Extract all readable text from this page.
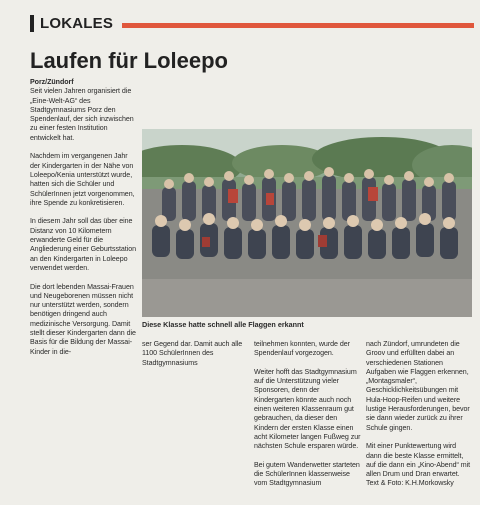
LOKALES
Laufen für Loleepo

Porz/Zündorf
Seit vielen Jahren organisiert die „Eine-Welt-AG“ des Stadtgymnasiums Porz den Spendenlauf, der sich inzwischen zu einer festen Institution entwickelt hat.

Nachdem im vergangenen Jahr der Kindergarten in der Nähe von Loleepo/Kenia unterstützt wurde, hatten sich die Schüler und SchülerInnen jetzt vorgenommen, ihre Spende zu konkretisieren.

In diesem Jahr soll das über eine Distanz von 10 Kilometern erwanderte Geld für die Angliederung einer Geburtsstation an den Kindergarten in Loleepo verwendet werden.

Die dort lebenden Massai-Frauen und Neugeborenen müssen nicht nur unterstützt werden, sondern benötigen dringend auch medizinische Versorgung. Damit stellt dieser Kindergarten dann die Basis für die Bildung der Massai-Kinder in die-

Diese Klasse hatte schnell alle Flaggen erkannt

ser Gegend dar. Damit auch alle 1100 SchülerInnen des Stadtgymnasiums

teilnehmen konnten, wurde der Spendenlauf vorgezogen.

Weiter hofft das Stadtgymnasium auf die Unterstützung vieler Sponsoren, denn der Kindergarten könnte auch noch einen weiteren Klassenraum gut gebrauchen, da dieser den Kindern der ersten Klasse einen acht Kilometer langen Fußweg zur nächsten Schule ersparen würde.

Bei gutem Wanderwetter starteten die SchülerInnen klassenweise vom Stadtgymnasium

nach Zündorf, umrundeten die Groov und erfüllten dabei an verschiedenen Stationen Aufgaben wie Flaggen erkennen, „Montagsmaler“, Geschicklichkeitsübungen mit Hula-Hoop-Reifen und weitere lustige Herausforderungen, bevor sie dann wieder zurück zu ihrer Schule gingen.

Mit einer Punktewertung wird dann die beste Klasse ermittelt, auf die dann ein „Kino-Abend“ mit allen Drum und Dran erwartet. Text & Foto: K.H.Morkowsky
